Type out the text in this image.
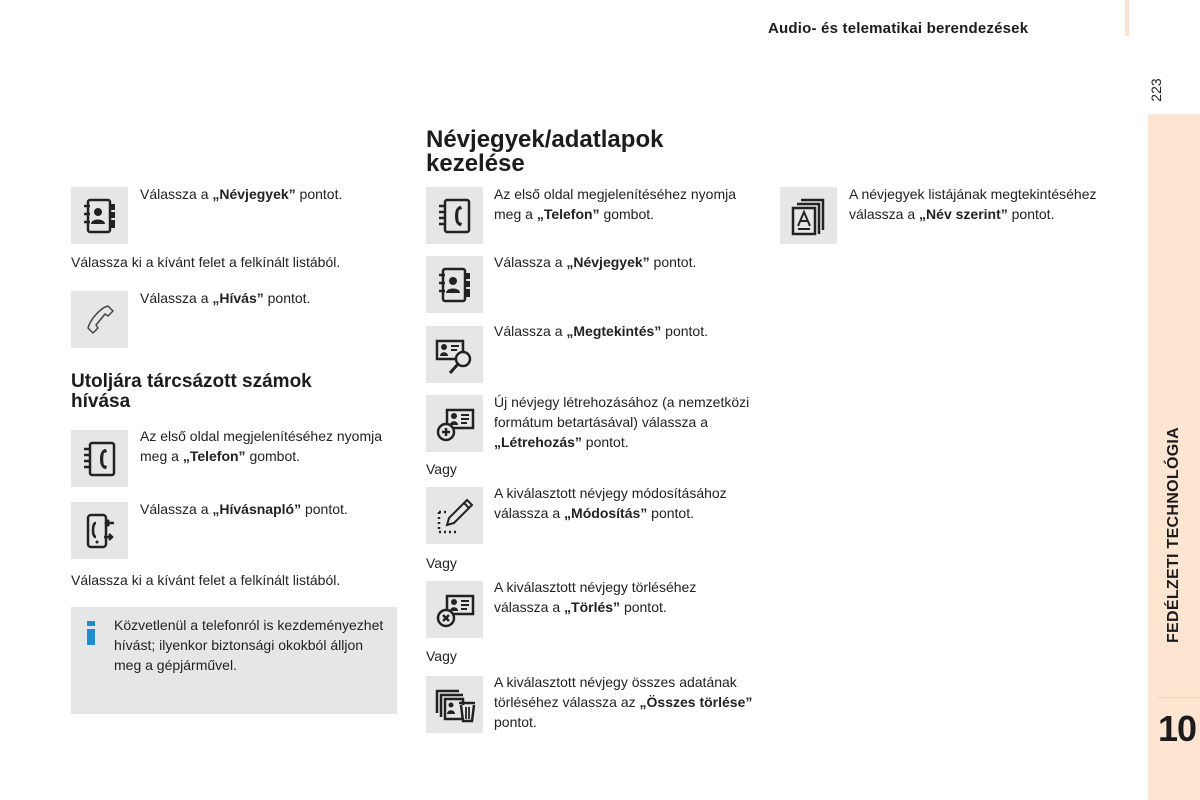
Audio- és telematikai berendezések
223
FEDÉLZETI TECHNOLÓGIA
10
Válassza a „Névjegyek” pontot.
Válassza ki a kívánt felet a felkínált listából.
Válassza a „Hívás” pontot.
Utoljára tárcsázott számok hívása
Az első oldal megjelenítéséhez nyomja meg a „Telefon” gombot.
Válassza a „Hívásnapló” pontot.
Válassza ki a kívánt felet a felkínált listából.
Közvetlenül a telefonról is kezdeményezhet hívást; ilyenkor biztonsági okokból álljon meg a gépjárművel.
Névjegyek/adatlapok kezelése
Az első oldal megjelenítéséhez nyomja meg a „Telefon” gombot.
Válassza a „Névjegyek” pontot.
Válassza a „Megtekintés” pontot.
Új névjegy létrehozásához (a nemzetközi formátum betartásával) válassza a „Létrehozás” pontot.
Vagy
A kiválasztott névjegy módosításához válassza a „Módosítás” pontot.
Vagy
A kiválasztott névjegy törléséhez válassza a „Törlés” pontot.
Vagy
A kiválasztott névjegy összes adatának törléséhez válassza az „Összes törlése” pontot.
A névjegyek listájának megtekintéséhez válassza a „Név szerint” pontot.
